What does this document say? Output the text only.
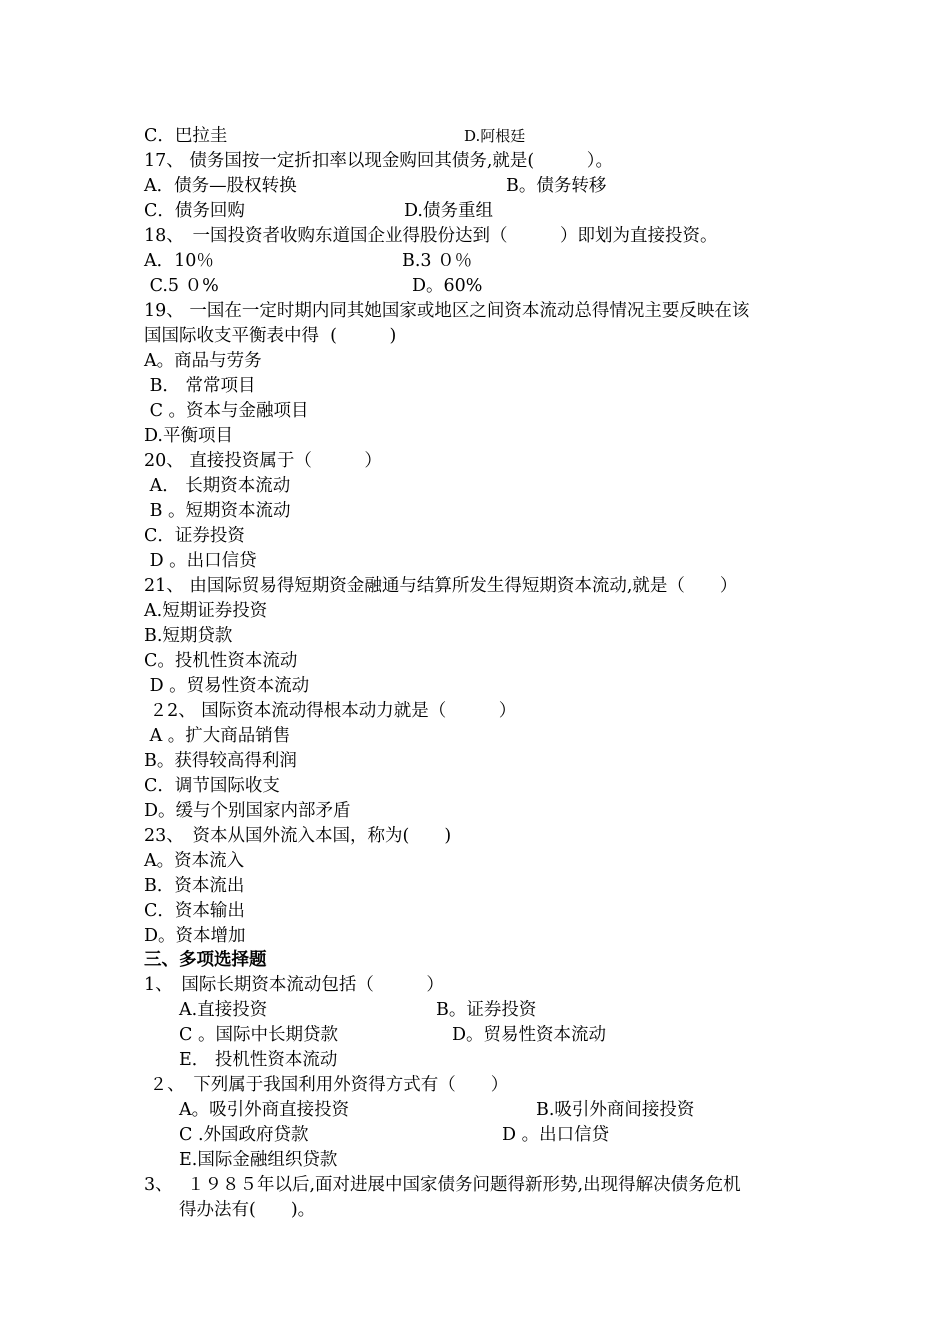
C．巴拉圭	D.阿根廷
17、 债务国按一定折扣率以现金购回其债务,就是(　　　）。
A．债务—股权转换	B。债务转移
C．债务回购	D.债务重组
18、　一国投资者收购东道国企业得股份达到（　　　）即划为直接投资。
A．10％	B.3 ０％
C.5 ０%	D。60%
19、 一国在一定时期内同其她国家或地区之间资本流动总得情况主要反映在该
国国际收支平衡表中得  (　　　)
A。商品与劳务
B． 常常项目
C 。资本与金融项目
D.平衡项目
20、 直接投资属于（　　　）
A． 长期资本流动
B 。短期资本流动
C．证券投资
D 。出口信贷
21、 由国际贸易得短期资金融通与结算所发生得短期资本流动,就是（　　）
A.短期证券投资
B.短期贷款
C。投机性资本流动
D 。贸易性资本流动
２2、 国际资本流动得根本动力就是（　　　）
A 。扩大商品销售
B。获得较高得利润
C．调节国际收支
D。缓与个别国家内部矛盾
23、　资本从国外流入本国，称为(　　)
A。资本流入
B．资本流出
C．资本输出
D。资本增加
三、多项选择题
1、　国际长期资本流动包括（　　　）
　　A.直接投资	B。证券投资
　　C 。国际中长期贷款	D。贸易性资本流动
　　E． 投机性资本流动
２、　下列属于我国利用外资得方式有（　　）
　　A。吸引外商直接投资	B.吸引外商间接投资
　　C .外国政府贷款	D 。出口信贷
　　E.国际金融组织贷款
3、　 １９８５年以后,面对进展中国家债务问题得新形势,出现得解决债务危机
　　得办法有(　　)。
